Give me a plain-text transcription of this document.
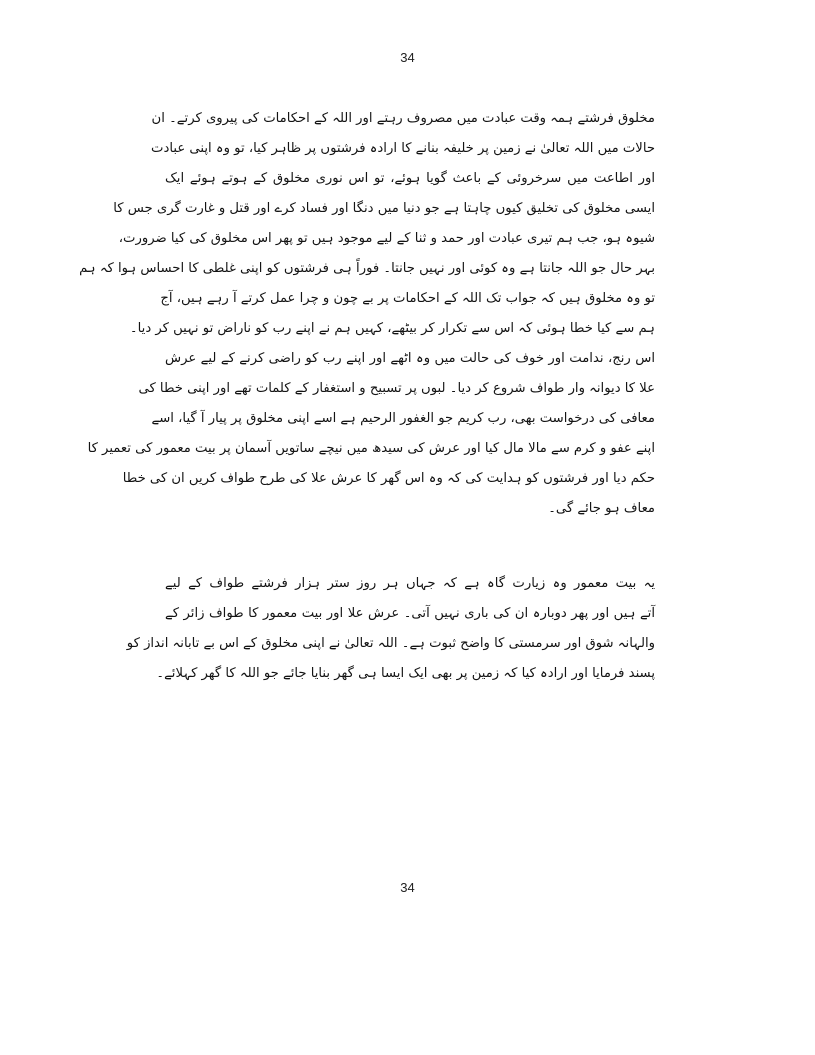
34
مخلوق فرشتے ہمہ وقت عبادت میں مصروف رہتے اور اللہ کے احکامات کی پیروی کرتے۔ ان
حالات میں اللہ تعالیٰ نے زمین پر خلیفہ بنانے کا ارادہ فرشتوں پر ظاہر کیا، تو وہ اپنی عبادت
اور اطاعت میں سرخروئی کے باعث گویا ہوئے، تو اس نوری مخلوق کے ہوتے ہوئے ایک
ایسی مخلوق کی تخلیق کیوں چاہتا ہے جو دنیا میں دنگا اور فساد کرے اور قتل و غارت گری جس کا
شیوہ ہو، جب ہم تیری عبادت اور حمد و ثنا کے لیے موجود ہیں تو پھر اس مخلوق کی کیا ضرورت،
بہر حال جو اللہ جانتا ہے وہ کوئی اور نہیں جانتا۔ فوراً ہی فرشتوں کو اپنی غلطی کا احساس ہوا کہ ہم
تو وہ مخلوق ہیں کہ جواب تک اللہ کے احکامات پر بے چون و چرا عمل کرتے آ رہے ہیں، آج
ہم سے کیا خطا ہوئی کہ اس سے تکرار کر بیٹھے، کہیں ہم نے اپنے رب کو ناراض تو نہیں کر دیا۔
اس رنج، ندامت اور خوف کی حالت میں وہ اٹھے اور اپنے رب کو راضی کرنے کے لیے عرش
علا کا دیوانہ وار طواف شروع کر دیا۔ لبوں پر تسبیح و استغفار کے کلمات تھے اور اپنی خطا کی
معافی کی درخواست بھی، رب کریم جو الغفور الرحیم ہے اسے اپنی مخلوق پر پیار آ گیا، اسے
اپنے عفو و کرم سے مالا مال کیا اور عرش کی سیدھ میں نیچے ساتویں آسمان پر بیت معمور کی تعمیر کا
حکم دیا اور فرشتوں کو ہدایت کی کہ وہ اس گھر کا عرش علا کی طرح طواف کریں ان کی خطا
معاف ہو جائے گی۔
یہ بیت معمور وہ زیارت گاہ ہے کہ جہاں ہر روز ستر ہزار فرشتے طواف کے لیے
آتے ہیں اور پھر دوبارہ ان کی باری نہیں آتی۔ عرش علا اور بیت معمور کا طواف زائر کے
والہانہ شوق اور سرمستی کا واضح ثبوت ہے۔ اللہ تعالیٰ نے اپنی مخلوق کے اس بے تابانہ انداز کو
پسند فرمایا اور ارادہ کیا کہ زمین پر بھی ایک ایسا ہی گھر بنایا جائے جو اللہ کا گھر کہلائے۔
34
